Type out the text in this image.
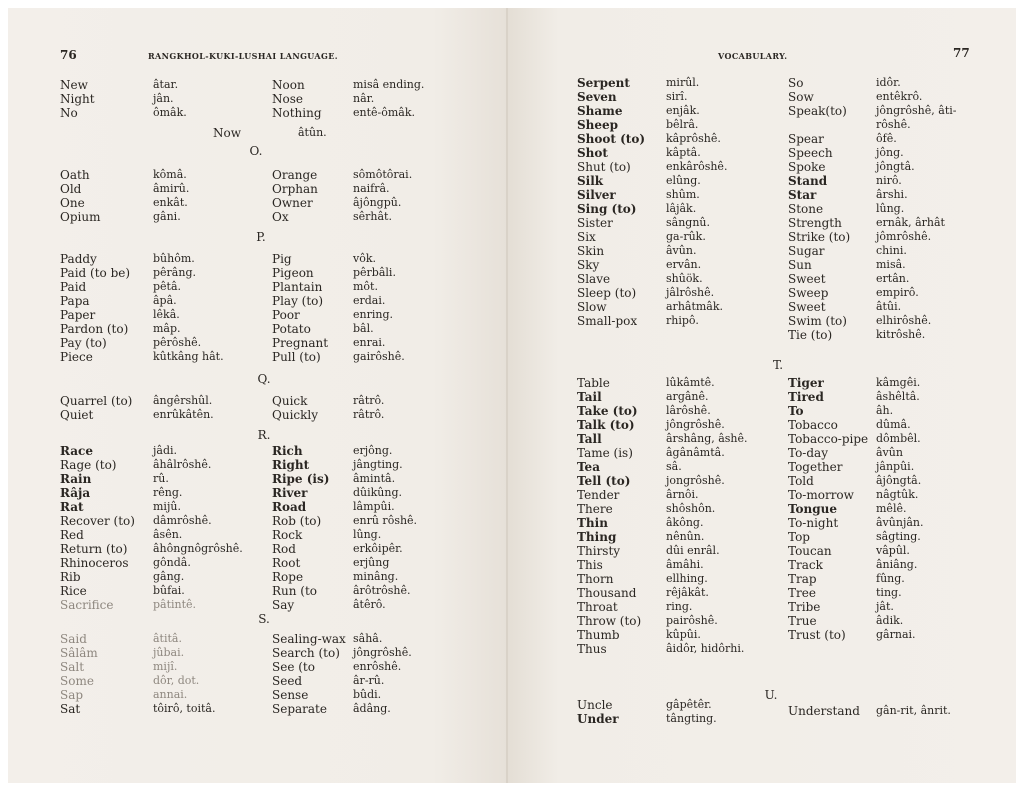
76	RANGKHOL-KUKI-LUSHAI LANGUAGE.
O.
P.
Q.
R.
S.
Now	âtûn.
New	âtar.
Night	jân.
No	ômâk.
Oath	kômâ.
Old	âmirû.
One	enkât.
Opium	gâni.
Paddy	bûhôm.
Paid (to be) pêrâng.
Paid	pêtâ.
Papa	âpâ.
Paper	lêkâ.
Pardon (to) mâp.
Pay (to)	pêrôshê.
Piece	kûtkâng hât.
Quarrel (to) ângêrshûl.
Quiet	enrûkâtên.
Race	jâdi.
Rage (to)	âhâlrôshê.
Rain	rû.
Râja	rêng.
Rat	mijû.
Recover (to) dâmrôshê.
Red	âsên.
Return (to) âhôngnôgrôshê.
Rhinoceros gôndâ.
Rib	gâng.
Rice	bûfai.
Sacrifice	pâtintê.
Said	âtitâ.
Sâlâm	jûbai.
Salt	mijî.
Some	dôr, dot.
Sap	annai.
Sat	tôirô, toitâ.
Noon	misâ ending.
Nose	nâr.
Nothing	entê-ômâk.
Orange	sômôtôrai.
Orphan	naifrâ.
Owner	âjôngpû.
Ox	sêrhât.
Pig	vôk.
Pigeon	pêrbâli.
Plantain	môt.
Play (to)	erdai.
Poor	enring.
Potato	bâl.
Pregnant enrai.
Pull (to)	gairôshê.
Quick	râtrô.
Quickly	râtrô.
Rich	erjông.
Right	jângting.
Ripe (is) âmintâ.
River	dûikûng.
Road	lâmpûi.
Rob (to)	enrû rôshê.
Rock	lûng.
Rod	erkôipêr.
Root	erjûng
Rope	minâng.
Run (to	ârôtrôshê.
Say	âtêrô.
Sealing-wax sâhâ.
Search (to) jôngrôshê.
See (to	enrôshê.
Seed	âr-rû.
Sense	bûdi.
Separate âdâng.
VOCABULARY.	77
T.
U.
Serpent	mirûl.
Seven	sirî.
Shame	enjâk.
Sheep	bêlrâ.
Shoot (to) kâprôshê.
Shot	kâptâ.
Shut (to)	enkârôshê.
Silk	elûng.
Silver	shûm.
Sing (to)	lâjâk.
Sister	sângnû.
Six	ga-rûk.
Skin	âvûn.
Sky	ervân.
Slave	shûök.
Sleep (to)	jâlrôshê.
Slow	arhâtmâk.
Small-pox	rhipô.
Table	lûkâmtê.
Tail	argânê.
Take (to)	lârôshê.
Talk (to)	jôngrôshê.
Tall	ârshâng, âshê.
Tame (is)	âgânâmtâ.
Tea	sâ.
Tell (to)	jongrôshê.
Tender	ârnôi.
There	shôshôn.
Thin	âkông.
Thing	nênûn.
Thirsty	dûi enrâl.
This	âmâhi.
Thorn	ellhing.
Thousand	rêjâkât.
Throat	ring.
Throw (to) pairôshê.
Thumb	kûpûi.
Thus	âidôr, hidôrhi.
Uncle	gâpêtêr.
Under	tângting.
So	idôr.
Sow	entêkrô.
Speak(to)	jôngrôshê, âti-rôshê.
Spear	ôfê.
Speech	jông.
Spoke	jôngtâ.
Stand	nirô.
Star	ârshi.
Stone	lûng.
Strength	ernâk, ârhât
Strike (to) jômrôshê.
Sugar	chini.
Sun	misâ.
Sweet	ertân.
Sweep	empirô.
Sweet	âtûi.
Swim (to)	elhirôshê.
Tie (to)	kitrôshê.
Tiger	kâmgêi.
Tired	âshêltâ.
To	âh.
Tobacco	dûmâ.
Tobacco-pipe dômbêl.
To-day	âvûn
Together	jânpûi.
Told	âjôngtâ.
To-morrow nâgtûk.
Tongue	mêlê.
To-night	âvûnjân.
Top	sâgting.
Toucan	vâpûl.
Track	âniâng.
Trap	fûng.
Tree	ting.
Tribe	jât.
True	âdik.
Trust (to)	gârnai.
Understand gân-rit, ânrit.
